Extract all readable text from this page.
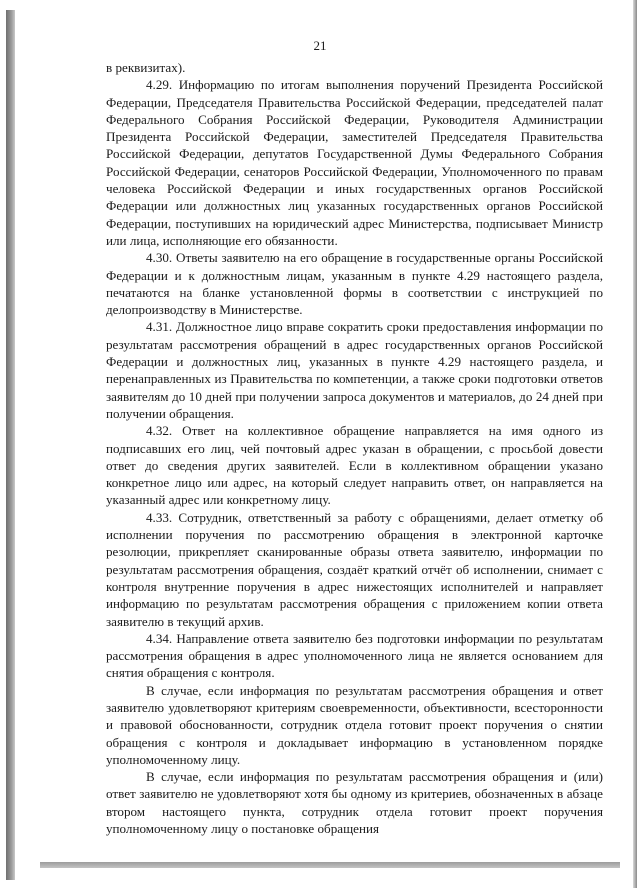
21

в реквизитах).

4.29. Информацию по итогам выполнения поручений Президента Российской Федерации, Председателя Правительства Российской Федерации, председателей палат Федерального Собрания Российской Федерации, Руководителя Администрации Президента Российской Федерации, заместителей Председателя Правительства Российской Федерации, депутатов Государственной Думы Федерального Собрания Российской Федерации, сенаторов Российской Федерации, Уполномоченного по правам человека Российской Федерации и иных государственных органов Российской Федерации или должностных лиц указанных государственных органов Российской Федерации, поступивших на юридический адрес Министерства, подписывает Министр или лица, исполняющие его обязанности.

4.30. Ответы заявителю на его обращение в государственные органы Российской Федерации и к должностным лицам, указанным в пункте 4.29 настоящего раздела, печатаются на бланке установленной формы в соответствии с инструкцией по делопроизводству в Министерстве.

4.31. Должностное лицо вправе сократить сроки предоставления информации по результатам рассмотрения обращений в адрес государственных органов Российской Федерации и должностных лиц, указанных в пункте 4.29 настоящего раздела, и перенаправленных из Правительства по компетенции, а также сроки подготовки ответов заявителям до 10 дней при получении запроса документов и материалов, до 24 дней при получении обращения.

4.32. Ответ на коллективное обращение направляется на имя одного из подписавших его лиц, чей почтовый адрес указан в обращении, с просьбой довести ответ до сведения других заявителей. Если в коллективном обращении указано конкретное лицо или адрес, на который следует направить ответ, он направляется на указанный адрес или конкретному лицу.

4.33. Сотрудник, ответственный за работу с обращениями, делает отметку об исполнении поручения по рассмотрению обращения в электронной карточке резолюции, прикрепляет сканированные образы ответа заявителю, информации по результатам рассмотрения обращения, создаёт краткий отчёт об исполнении, снимает с контроля внутренние поручения в адрес нижестоящих исполнителей и направляет информацию по результатам рассмотрения обращения с приложением копии ответа заявителю в текущий архив.

4.34. Направление ответа заявителю без подготовки информации по результатам рассмотрения обращения в адрес уполномоченного лица не является основанием для снятия обращения с контроля.

В случае, если информация по результатам рассмотрения обращения и ответ заявителю удовлетворяют критериям своевременности, объективности, всесторонности и правовой обоснованности, сотрудник отдела готовит проект поручения о снятии обращения с контроля и докладывает информацию в установленном порядке уполномоченному лицу.

В случае, если информация по результатам рассмотрения обращения и (или) ответ заявителю не удовлетворяют хотя бы одному из критериев, обозначенных в абзаце втором настоящего пункта, сотрудник отдела готовит проект поручения уполномоченному лицу о постановке обращения
